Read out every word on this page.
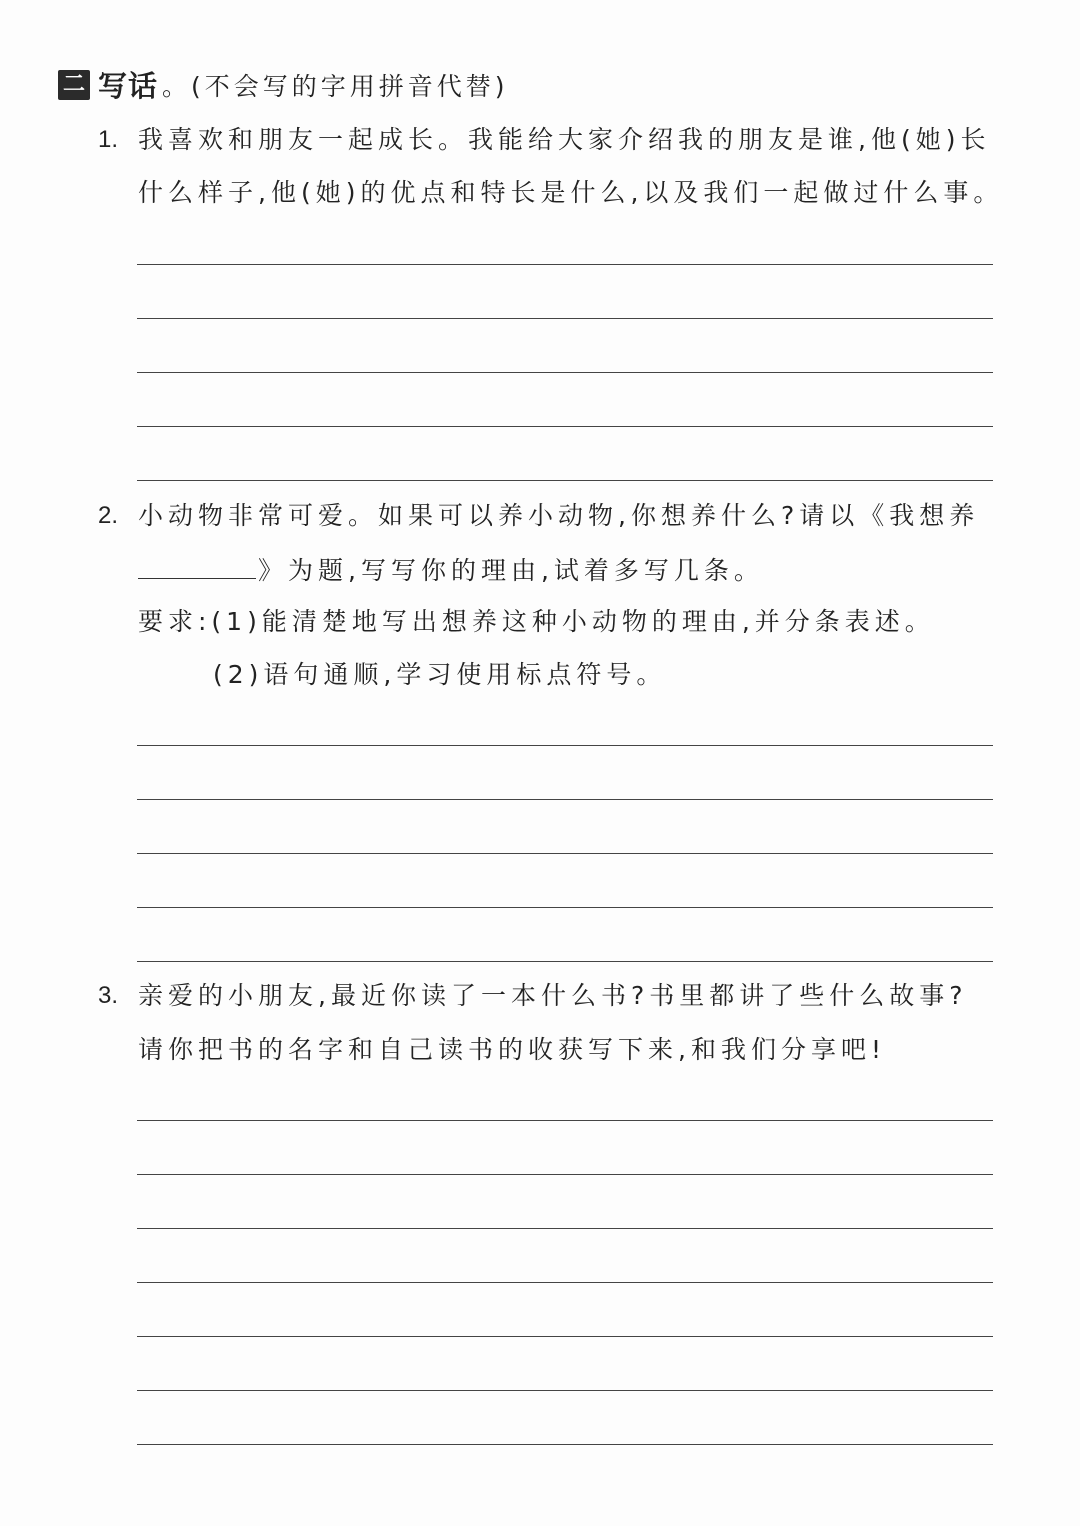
二 写话 。(不会写的字用拼音代替)
1. 我喜欢和朋友一起成长。我能给大家介绍我的朋友是谁,他(她)长
什么样子,他(她)的优点和特长是什么,以及我们一起做过什么事。
2. 小动物非常可爱。如果可以养小动物,你想养什么?请以《我想养
》为题,写写你的理由,试着多写几条。
要求:(1)能清楚地写出想养这种小动物的理由,并分条表述。
(2)语句通顺,学习使用标点符号。
3. 亲爱的小朋友,最近你读了一本什么书?书里都讲了些什么故事?
请你把书的名字和自己读书的收获写下来,和我们分享吧!
